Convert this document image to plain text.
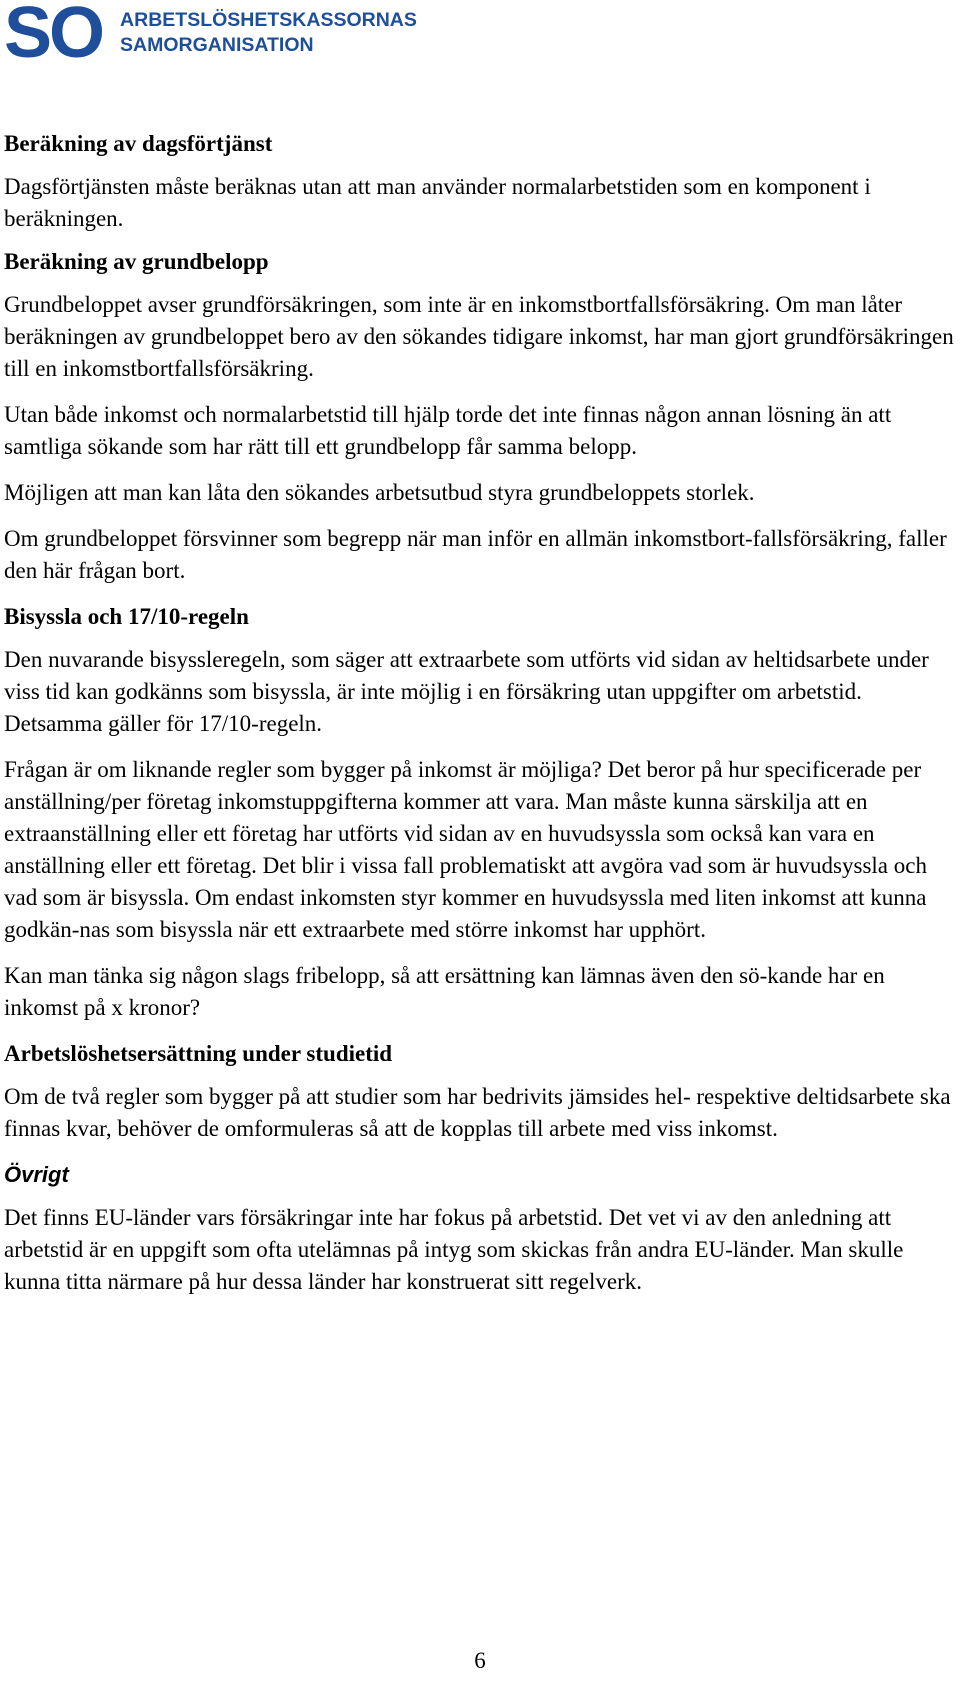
SO ARBETSLÖSHETSKASSORNAS
SAMORGANISATION
Beräkning av dagsförtjänst

Dagsförtjänsten måste beräknas utan att man använder normalarbetstiden som en komponent i beräkningen.

Beräkning av grundbelopp

Grundbeloppet avser grundförsäkringen, som inte är en inkomstbortfallsförsäkring. Om man låter beräkningen av grundbeloppet bero av den sökandes tidigare inkomst, har man gjort grundförsäkringen till en inkomstbortfallsförsäkring.

Utan både inkomst och normalarbetstid till hjälp torde det inte finnas någon annan lösning än att samtliga sökande som har rätt till ett grundbelopp får samma belopp.

Möjligen att man kan låta den sökandes arbetsutbud styra grundbeloppets storlek.

Om grundbeloppet försvinner som begrepp när man inför en allmän inkomstbort-fallsförsäkring, faller den här frågan bort.

Bisyssla och 17/10-regeln

Den nuvarande bisyssleregeln, som säger att extraarbete som utförts vid sidan av heltidsarbete under viss tid kan godkänns som bisyssla, är inte möjlig i en försäkring utan uppgifter om arbetstid. Detsamma gäller för 17/10-regeln.

Frågan är om liknande regler som bygger på inkomst är möjliga? Det beror på hur specificerade per anställning/per företag inkomstuppgifterna kommer att vara. Man måste kunna särskilja att en extraanställning eller ett företag har utförts vid sidan av en huvudsyssla som också kan vara en anställning eller ett företag. Det blir i vissa fall problematiskt att avgöra vad som är huvudsyssla och vad som är bisyssla. Om endast inkomsten styr kommer en huvudsyssla med liten inkomst att kunna godkän-nas som bisyssla när ett extraarbete med större inkomst har upphört.

Kan man tänka sig någon slags fribelopp, så att ersättning kan lämnas även den sö-kande har en inkomst på x kronor?

Arbetslöshetsersättning under studietid

Om de två regler som bygger på att studier som har bedrivits jämsides hel- respektive deltidsarbete ska finnas kvar, behöver de omformuleras så att de kopplas till arbete med viss inkomst.

Övrigt

Det finns EU-länder vars försäkringar inte har fokus på arbetstid. Det vet vi av den anledning att arbetstid är en uppgift som ofta utelämnas på intyg som skickas från andra EU-länder. Man skulle kunna titta närmare på hur dessa länder har konstruerat sitt regelverk.

6
